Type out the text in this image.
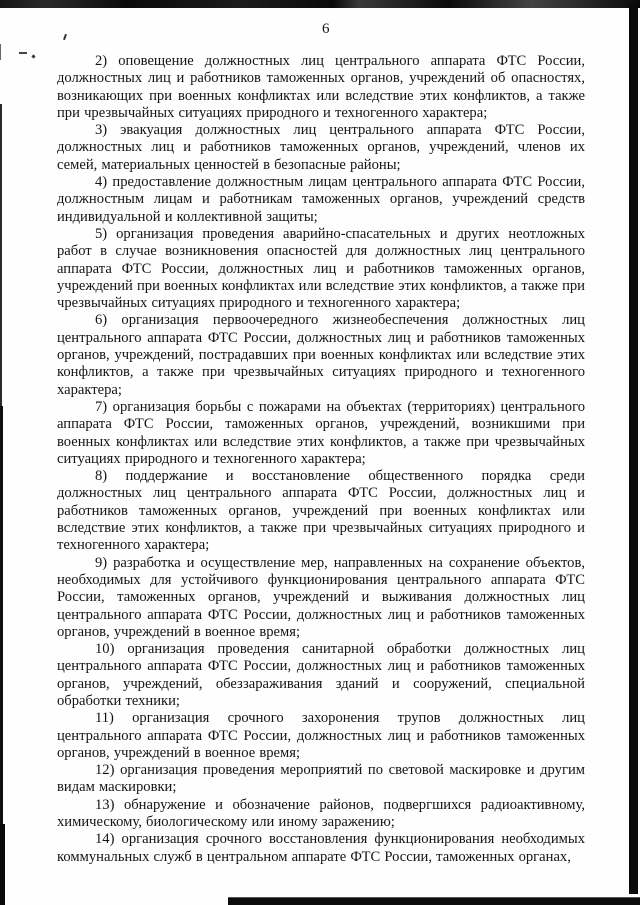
6

2) оповещение должностных лиц центрального аппарата ФТС России, должностных лиц и работников таможенных органов, учреждений об опасностях, возникающих при военных конфликтах или вследствие этих конфликтов, а также при чрезвычайных ситуациях природного и техногенного характера;

3) эвакуация должностных лиц центрального аппарата ФТС России, должностных лиц и работников таможенных органов, учреждений, членов их семей, материальных ценностей в безопасные районы;

4) предоставление должностным лицам центрального аппарата ФТС России, должностным лицам и работникам таможенных органов, учреждений средств индивидуальной и коллективной защиты;

5) организация проведения аварийно-спасательных и других неотложных работ в случае возникновения опасностей для должностных лиц центрального аппарата ФТС России, должностных лиц и работников таможенных органов, учреждений при военных конфликтах или вследствие этих конфликтов, а также при чрезвычайных ситуациях природного и техногенного характера;

6) организация первоочередного жизнеобеспечения должностных лиц центрального аппарата ФТС России, должностных лиц и работников таможенных органов, учреждений, пострадавших при военных конфликтах или вследствие этих конфликтов, а также при чрезвычайных ситуациях природного и техногенного характера;

7) организация борьбы с пожарами на объектах (территориях) центрального аппарата ФТС России, таможенных органов, учреждений, возникшими при военных конфликтах или вследствие этих конфликтов, а также при чрезвычайных ситуациях природного и техногенного характера;

8) поддержание и восстановление общественного порядка среди должностных лиц центрального аппарата ФТС России, должностных лиц и работников таможенных органов, учреждений при военных конфликтах или вследствие этих конфликтов, а также при чрезвычайных ситуациях природного и техногенного характера;

9) разработка и осуществление мер, направленных на сохранение объектов, необходимых для устойчивого функционирования центрального аппарата ФТС России, таможенных органов, учреждений и выживания должностных лиц центрального аппарата ФТС России, должностных лиц и работников таможенных органов, учреждений в военное время;

10) организация проведения санитарной обработки должностных лиц центрального аппарата ФТС России, должностных лиц и работников таможенных органов, учреждений, обеззараживания зданий и сооружений, специальной обработки техники;

11) организация срочного захоронения трупов должностных лиц центрального аппарата ФТС России, должностных лиц и работников таможенных органов, учреждений в военное время;

12) организация проведения мероприятий по световой маскировке и другим видам маскировки;

13) обнаружение и обозначение районов, подвергшихся радиоактивному, химическому, биологическому или иному заражению;

14) организация срочного восстановления функционирования необходимых коммунальных служб в центральном аппарате ФТС России, таможенных органах,
